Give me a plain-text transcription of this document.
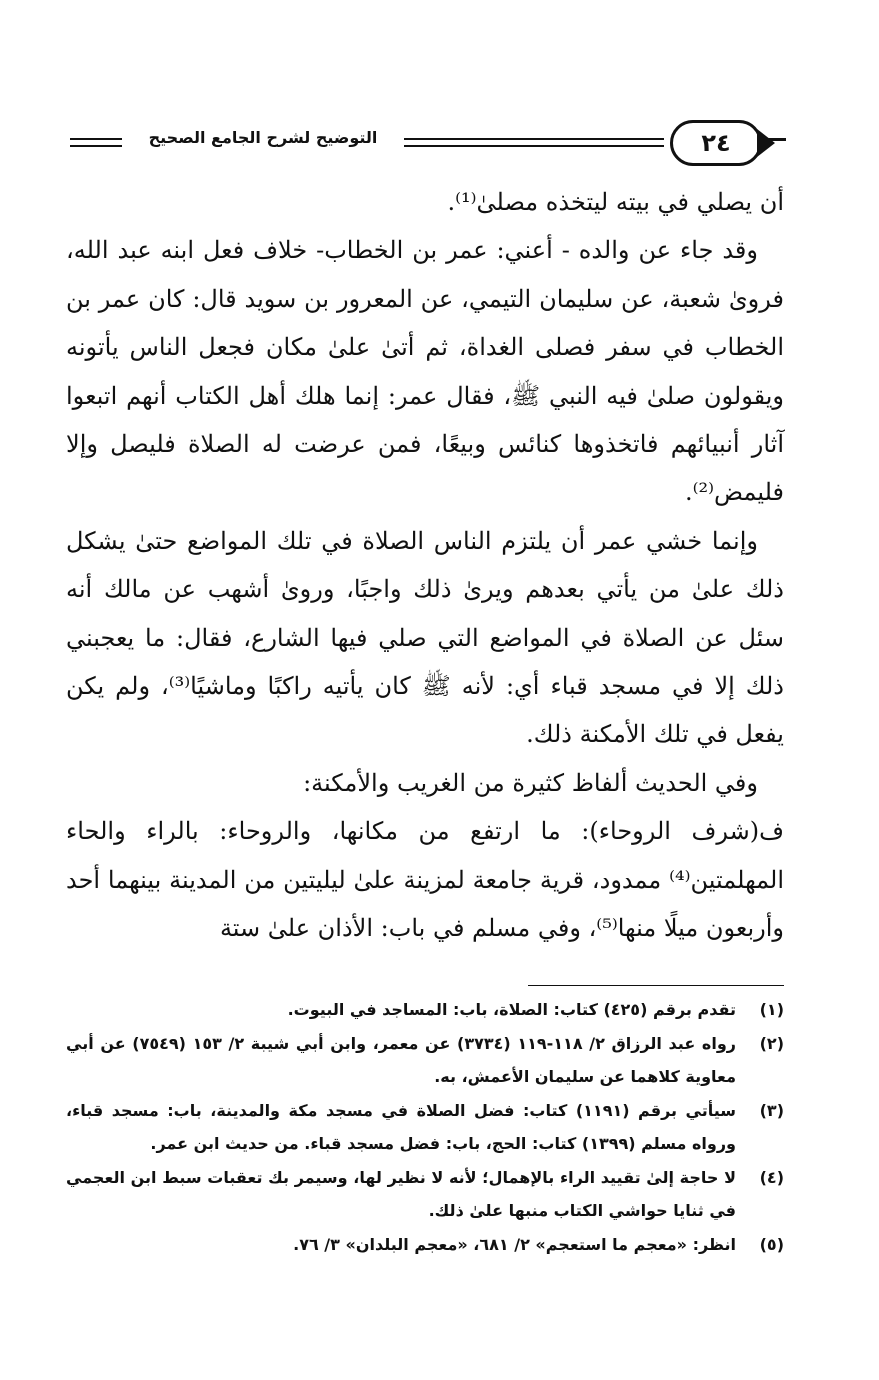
التوضيح لشرح الجامع الصحيح	٢٤

أن يصلي في بيته ليتخذه مصلىٰ⁽¹⁾.

وقد جاء عن والده - أعني: عمر بن الخطاب- خلاف فعل ابنه عبد الله، فروىٰ شعبة، عن سليمان التيمي، عن المعرور بن سويد قال: كان عمر بن الخطاب في سفر فصلى الغداة، ثم أتىٰ علىٰ مكان فجعل الناس يأتونه ويقولون صلىٰ فيه النبي ﷺ، فقال عمر: إنما هلك أهل الكتاب أنهم اتبعوا آثار أنبيائهم فاتخذوها كنائس وبيعًا، فمن عرضت له الصلاة فليصل وإلا فليمض⁽²⁾.

وإنما خشي عمر أن يلتزم الناس الصلاة في تلك المواضع حتىٰ يشكل ذلك علىٰ من يأتي بعدهم ويرىٰ ذلك واجبًا، وروىٰ أشهب عن مالك أنه سئل عن الصلاة في المواضع التي صلي فيها الشارع، فقال: ما يعجبني ذلك إلا في مسجد قباء أي: لأنه ﷺ كان يأتيه راكبًا وماشيًا⁽³⁾، ولم يكن يفعل في تلك الأمكنة ذلك.

وفي الحديث ألفاظ كثيرة من الغريب والأمكنة:

ف(شرف الروحاء): ما ارتفع من مكانها، والروحاء: بالراء والحاء المهلمتين⁽⁴⁾ ممدود، قرية جامعة لمزينة علىٰ ليليتين من المدينة بينهما أحد وأربعون ميلًا منها⁽⁵⁾، وفي مسلم في باب: الأذان علىٰ ستة

(١)
تقدم برقم (٤٢٥) كتاب: الصلاة، باب: المساجد في البيوت.
(٢)
رواه عبد الرزاق ٢/ ١١٨-١١٩ (٣٧٣٤) عن معمر، وابن أبي شيبة ٢/ ١٥٣ (٧٥٤٩) عن أبي معاوية كلاهما عن سليمان الأعمش، به.
(٣)
سيأتي برقم (١١٩١) كتاب: فضل الصلاة في مسجد مكة والمدينة، باب: مسجد قباء، ورواه مسلم (١٣٩٩) كتاب: الحج، باب: فضل مسجد قباء. من حديث ابن عمر.
(٤)
لا حاجة إلىٰ تقييد الراء بالإهمال؛ لأنه لا نظير لها، وسيمر بك تعقبات سبط ابن العجمي في ثنايا حواشي الكتاب منبها علىٰ ذلك.
(٥)
انظر: «معجم ما استعجم» ٢/ ٦٨١، «معجم البلدان» ٣/ ٧٦.
